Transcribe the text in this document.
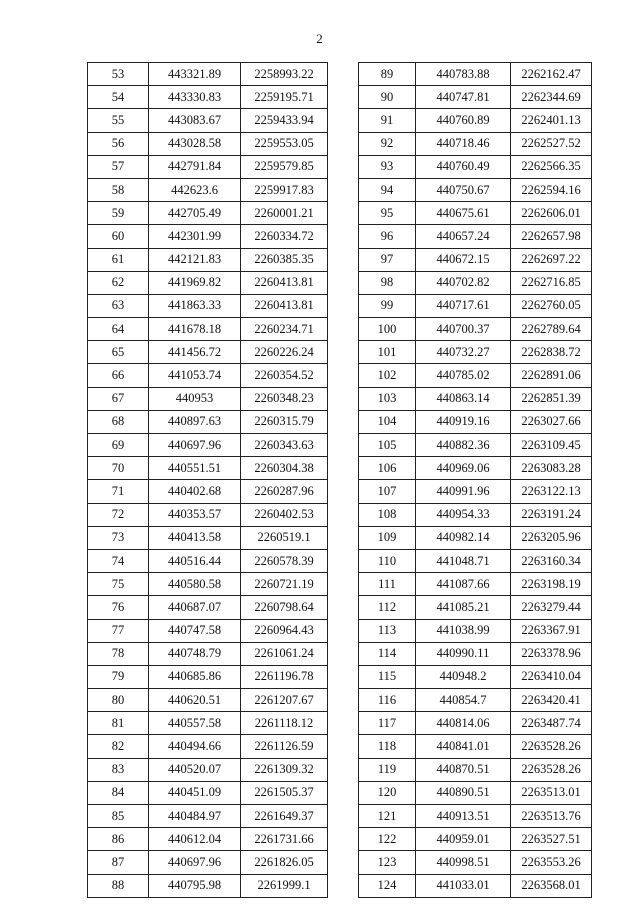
2
53	443321.89	2258993.22
54	443330.83	2259195.71
55	443083.67	2259433.94
56	443028.58	2259553.05
57	442791.84	2259579.85
58	442623.6	2259917.83
59	442705.49	2260001.21
60	442301.99	2260334.72
61	442121.83	2260385.35
62	441969.82	2260413.81
63	441863.33	2260413.81
64	441678.18	2260234.71
65	441456.72	2260226.24
66	441053.74	2260354.52
67	440953	2260348.23
68	440897.63	2260315.79
69	440697.96	2260343.63
70	440551.51	2260304.38
71	440402.68	2260287.96
72	440353.57	2260402.53
73	440413.58	2260519.1
74	440516.44	2260578.39
75	440580.58	2260721.19
76	440687.07	2260798.64
77	440747.58	2260964.43
78	440748.79	2261061.24
79	440685.86	2261196.78
80	440620.51	2261207.67
81	440557.58	2261118.12
82	440494.66	2261126.59
83	440520.07	2261309.32
84	440451.09	2261505.37
85	440484.97	2261649.37
86	440612.04	2261731.66
87	440697.96	2261826.05
88	440795.98	2261999.1
89	440783.88	2262162.47
90	440747.81	2262344.69
91	440760.89	2262401.13
92	440718.46	2262527.52
93	440760.49	2262566.35
94	440750.67	2262594.16
95	440675.61	2262606.01
96	440657.24	2262657.98
97	440672.15	2262697.22
98	440702.82	2262716.85
99	440717.61	2262760.05
100	440700.37	2262789.64
101	440732.27	2262838.72
102	440785.02	2262891.06
103	440863.14	2262851.39
104	440919.16	2263027.66
105	440882.36	2263109.45
106	440969.06	2263083.28
107	440991.96	2263122.13
108	440954.33	2263191.24
109	440982.14	2263205.96
110	441048.71	2263160.34
111	441087.66	2263198.19
112	441085.21	2263279.44
113	441038.99	2263367.91
114	440990.11	2263378.96
115	440948.2	2263410.04
116	440854.7	2263420.41
117	440814.06	2263487.74
118	440841.01	2263528.26
119	440870.51	2263528.26
120	440890.51	2263513.01
121	440913.51	2263513.76
122	440959.01	2263527.51
123	440998.51	2263553.26
124	441033.01	2263568.01
